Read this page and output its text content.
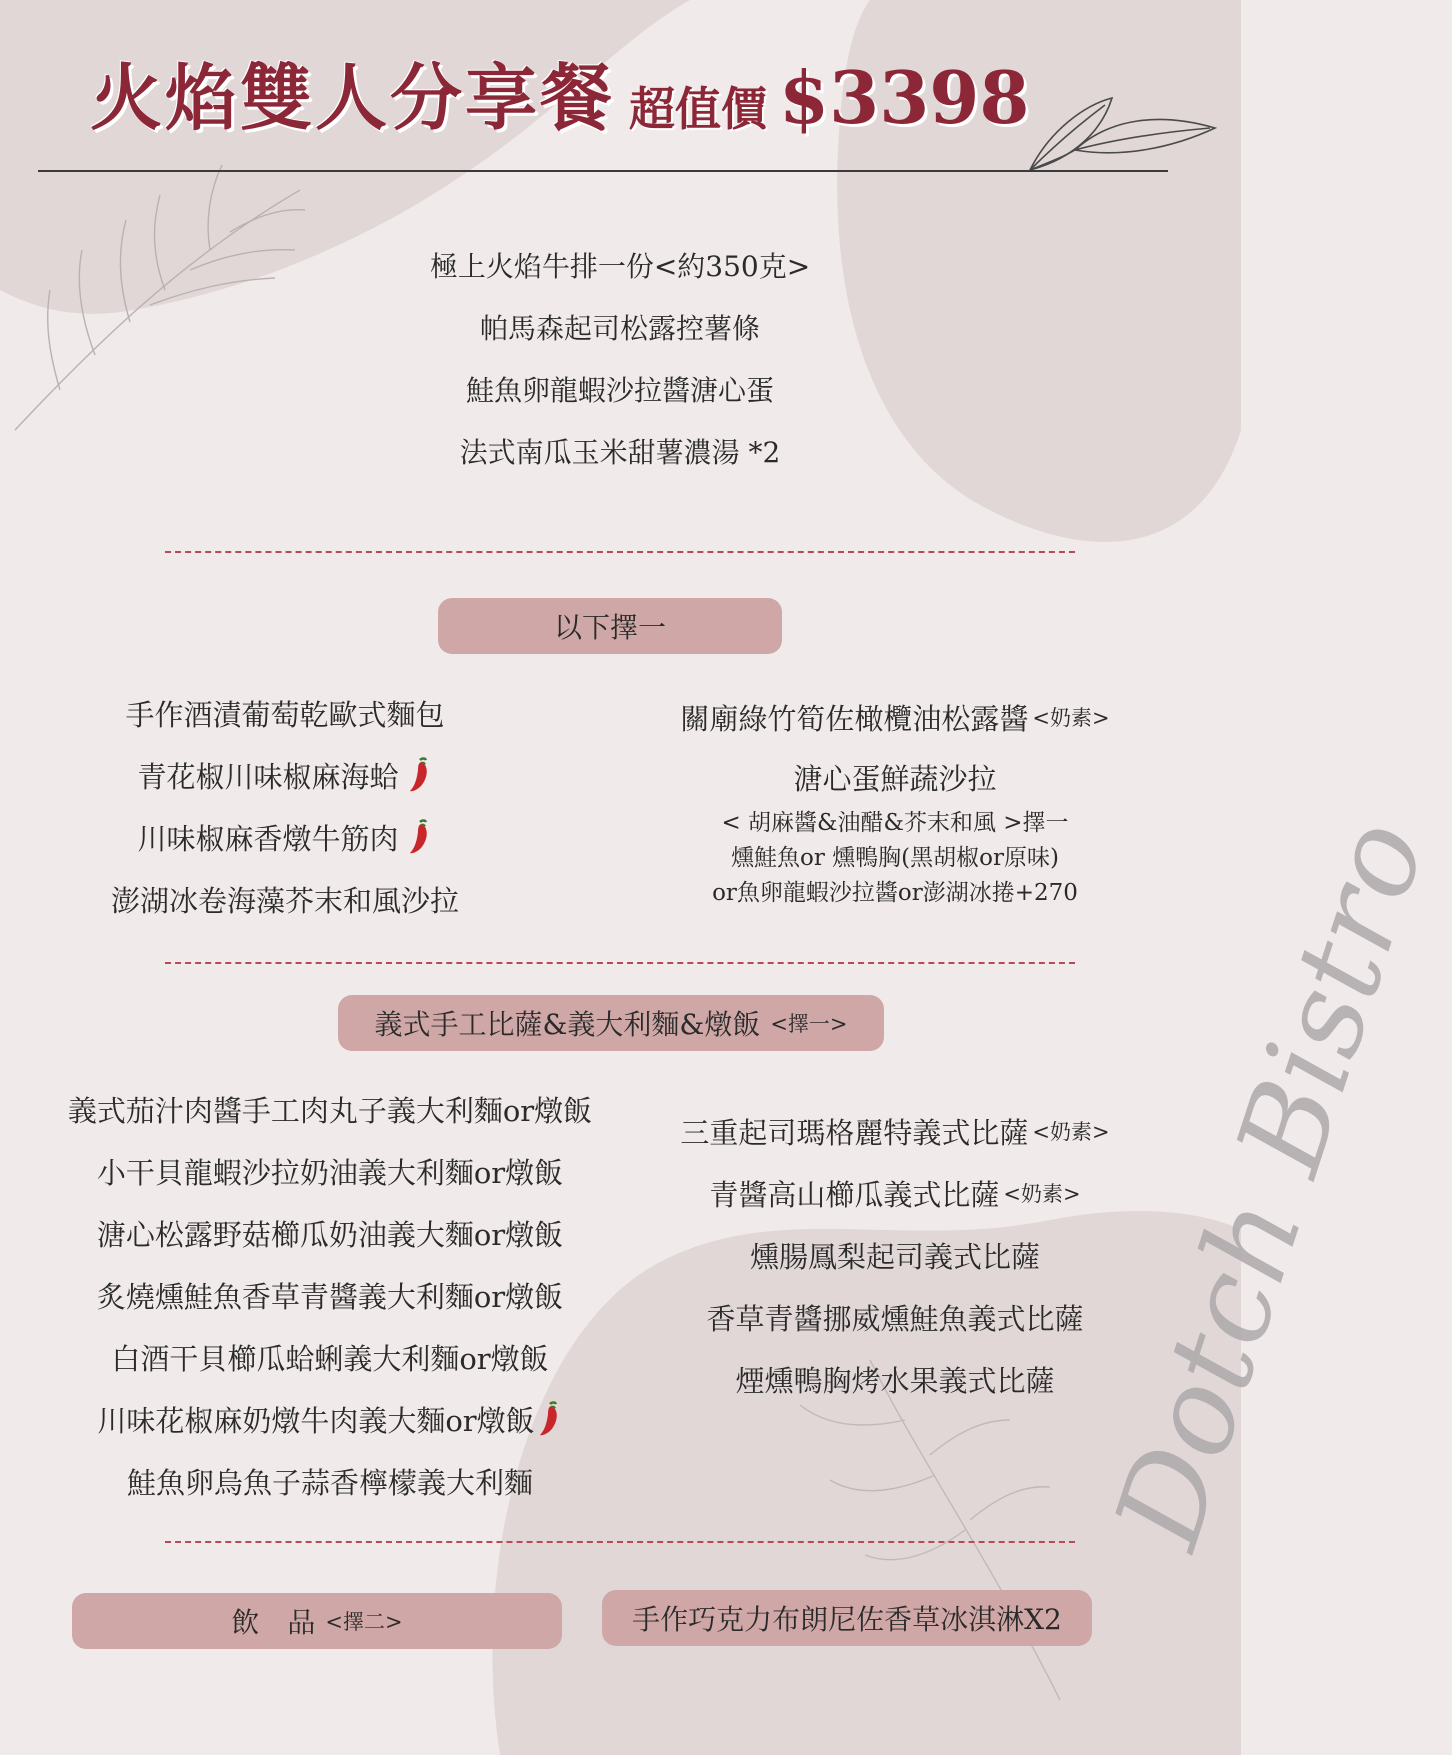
Dotch Bistro
火焰雙人分享餐 超值價 $3398
極上火焰牛排一份<約350克>
帕馬森起司松露控薯條
鮭魚卵龍蝦沙拉醬溏心蛋
法式南瓜玉米甜薯濃湯 *2
以下擇一
手作酒漬葡萄乾歐式麵包
青花椒川味椒麻海蛤
川味椒麻香燉牛筋肉
澎湖冰卷海藻芥末和風沙拉
關廟綠竹筍佐橄欖油松露醬 <奶素>
溏心蛋鮮蔬沙拉
< 胡麻醬&油醋&芥末和風 >擇一
燻鮭魚or 燻鴨胸(黑胡椒or原味)
or魚卵龍蝦沙拉醬or澎湖冰捲+270
義式手工比薩&義大利麵&燉飯 <擇一>
義式茄汁肉醬手工肉丸子義大利麵or燉飯
小干貝龍蝦沙拉奶油義大利麵or燉飯
溏心松露野菇櫛瓜奶油義大麵or燉飯
炙燒燻鮭魚香草青醬義大利麵or燉飯
白酒干貝櫛瓜蛤蜊義大利麵or燉飯
川味花椒麻奶燉牛肉義大麵or燉飯
鮭魚卵烏魚子蒜香檸檬義大利麵
三重起司瑪格麗特義式比薩 <奶素>
青醬高山櫛瓜義式比薩 <奶素>
燻腸鳳梨起司義式比薩
香草青醬挪威燻鮭魚義式比薩
煙燻鴨胸烤水果義式比薩
飲　品 <擇二>	手作巧克力布朗尼佐香草冰淇淋X2
